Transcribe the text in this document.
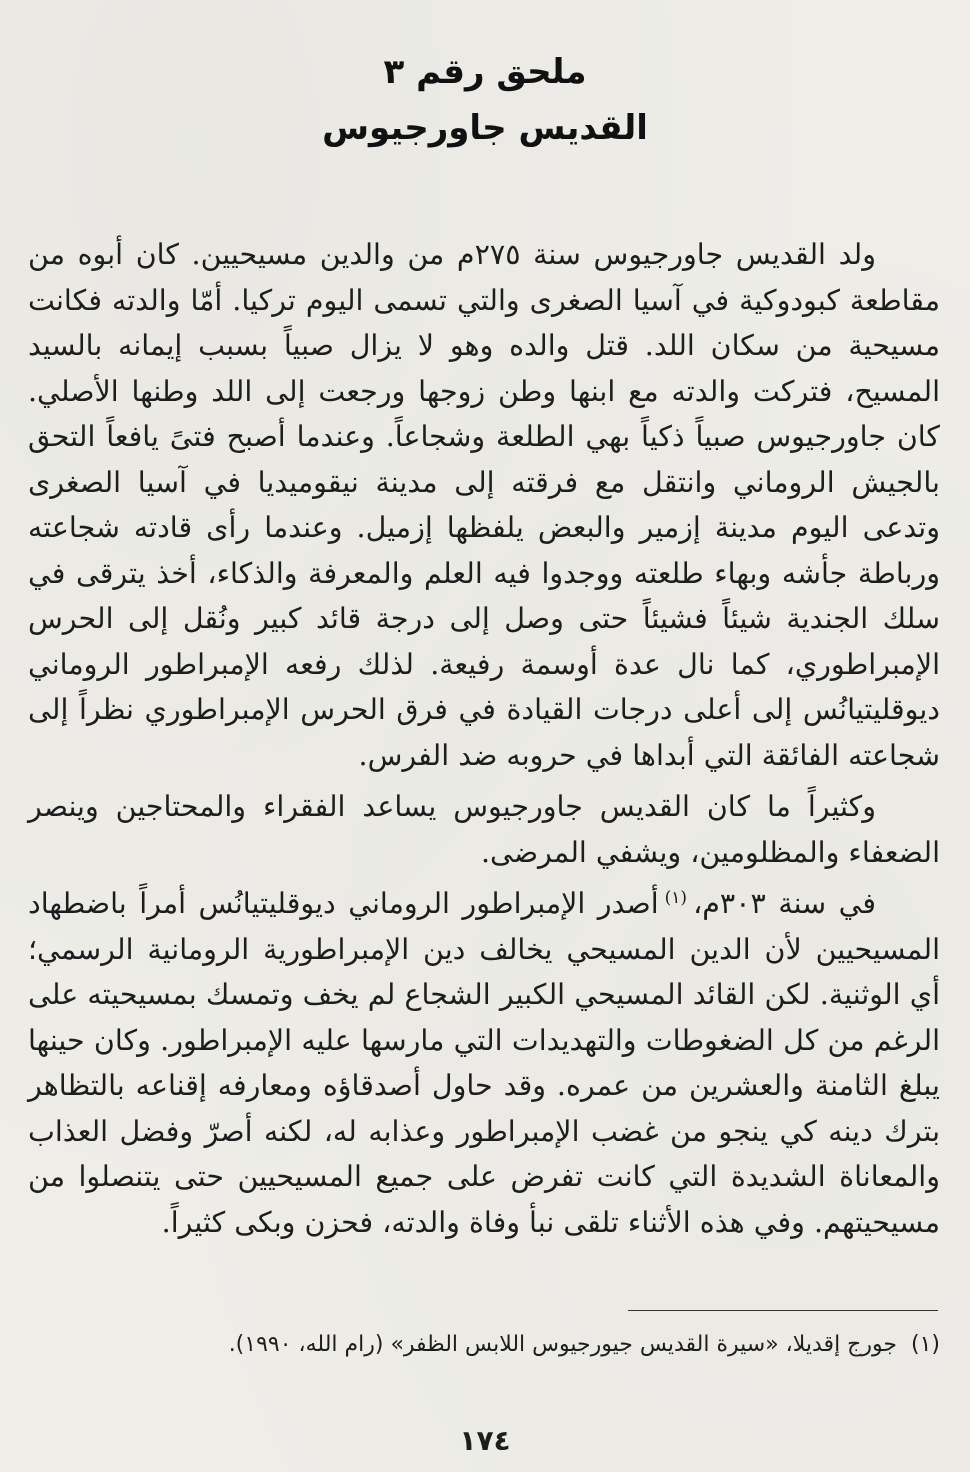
ملحق رقم ٣
القديس جاورجيوس

ولد القديس جاورجيوس سنة ٢٧٥م من والدين مسيحيين. كان أبوه من مقاطعة كبودوكية في آسيا الصغرى والتي تسمى اليوم تركيا. أمّا والدته فكانت مسيحية من سكان اللد. قتل والده وهو لا يزال صبياً بسبب إيمانه بالسيد المسيح، فتركت والدته مع ابنها وطن زوجها ورجعت إلى اللد وطنها الأصلي. كان جاورجيوس صبياً ذكياً بهي الطلعة وشجاعاً. وعندما أصبح فتىً يافعاً التحق بالجيش الروماني وانتقل مع فرقته إلى مدينة نيقوميديا في آسيا الصغرى وتدعى اليوم مدينة إزمير والبعض يلفظها إزميل. وعندما رأى قادته شجاعته ورباطة جأشه وبهاء طلعته ووجدوا فيه العلم والمعرفة والذكاء، أخذ يترقى في سلك الجندية شيئاً فشيئاً حتى وصل إلى درجة قائد كبير ونُقل إلى الحرس الإمبراطوري، كما نال عدة أوسمة رفيعة. لذلك رفعه الإمبراطور الروماني ديوقليتيانُس إلى أعلى درجات القيادة في فرق الحرس الإمبراطوري نظراً إلى شجاعته الفائقة التي أبداها في حروبه ضد الفرس.

وكثيراً ما كان القديس جاورجيوس يساعد الفقراء والمحتاجين وينصر الضعفاء والمظلومين، ويشفي المرضى.

في سنة ٣٠٣م،$^{(١)}$أصدر الإمبراطور الروماني ديوقليتيانُس أمراً باضطهاد المسيحيين لأن الدين المسيحي يخالف دين الإمبراطورية الرومانية الرسمي؛ أي الوثنية. لكن القائد المسيحي الكبير الشجاع لم يخف وتمسك بمسيحيته على الرغم من كل الضغوطات والتهديدات التي مارسها عليه الإمبراطور. وكان حينها يبلغ الثامنة والعشرين من عمره. وقد حاول أصدقاؤه ومعارفه إقناعه بالتظاهر بترك دينه كي ينجو من غضب الإمبراطور وعذابه له، لكنه أصرّ وفضل العذاب والمعاناة الشديدة التي كانت تفرض على جميع المسيحيين حتى يتنصلوا من مسيحيتهم. وفي هذه الأثناء تلقى نبأ وفاة والدته، فحزن وبكى كثيراً.

(١)جورج إقديلا، «سيرة القديس جيورجيوس اللابس الظفر» (رام الله، ١٩٩٠).
١٧٤
